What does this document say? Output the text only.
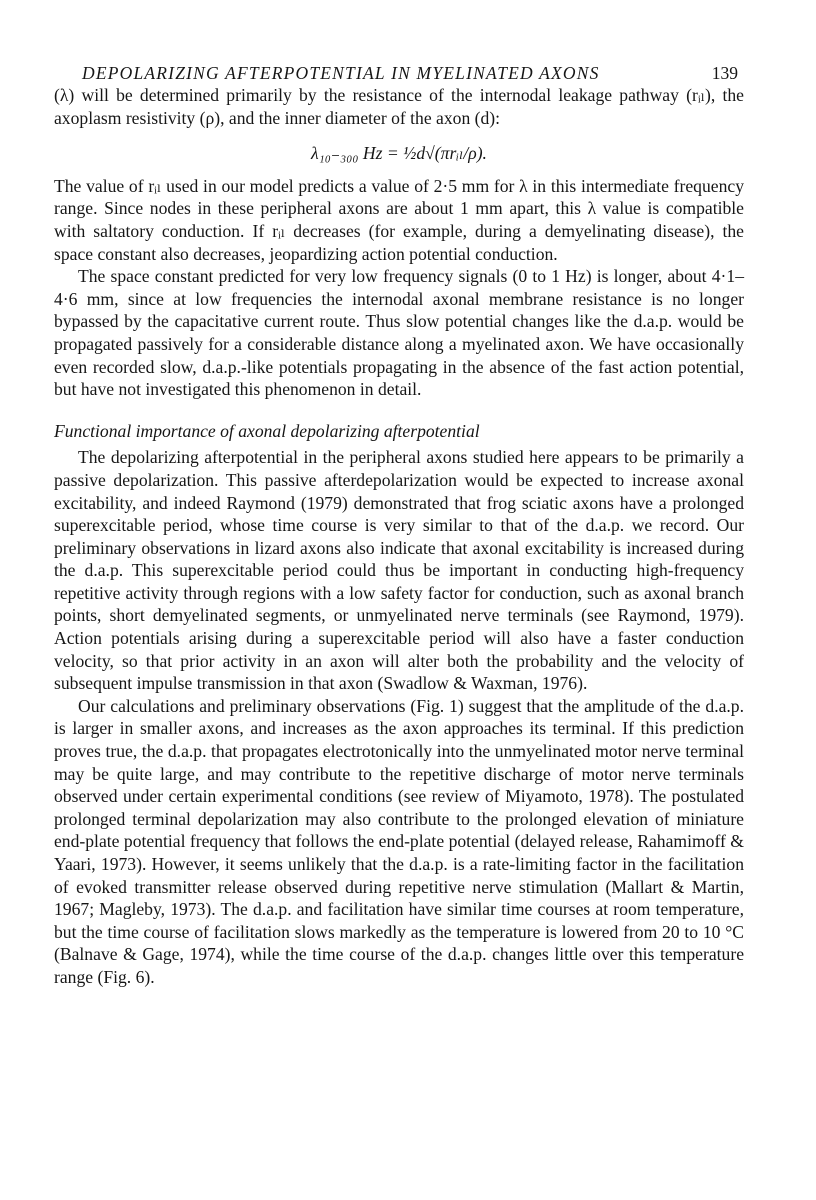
DEPOLARIZING AFTERPOTENTIAL IN MYELINATED AXONS	139

(λ) will be determined primarily by the resistance of the internodal leakage pathway (rᵢₗ), the axoplasm resistivity (ρ), and the inner diameter of the axon (d):

λ₁₀₋₃₀₀ Hz = ½d√(πrᵢₗ/ρ).

The value of rᵢₗ used in our model predicts a value of 2·5 mm for λ in this intermediate frequency range. Since nodes in these peripheral axons are about 1 mm apart, this λ value is compatible with saltatory conduction. If rᵢₗ decreases (for example, during a demyelinating disease), the space constant also decreases, jeopardizing action potential conduction.

The space constant predicted for very low frequency signals (0 to 1 Hz) is longer, about 4·1–4·6 mm, since at low frequencies the internodal axonal membrane resistance is no longer bypassed by the capacitative current route. Thus slow potential changes like the d.a.p. would be propagated passively for a considerable distance along a myelinated axon. We have occasionally even recorded slow, d.a.p.-like potentials propagating in the absence of the fast action potential, but have not investigated this phenomenon in detail.

Functional importance of axonal depolarizing afterpotential

The depolarizing afterpotential in the peripheral axons studied here appears to be primarily a passive depolarization. This passive afterdepolarization would be expected to increase axonal excitability, and indeed Raymond (1979) demonstrated that frog sciatic axons have a prolonged superexcitable period, whose time course is very similar to that of the d.a.p. we record. Our preliminary observations in lizard axons also indicate that axonal excitability is increased during the d.a.p. This superexcitable period could thus be important in conducting high-frequency repetitive activity through regions with a low safety factor for conduction, such as axonal branch points, short demyelinated segments, or unmyelinated nerve terminals (see Raymond, 1979). Action potentials arising during a superexcitable period will also have a faster conduction velocity, so that prior activity in an axon will alter both the probability and the velocity of subsequent impulse transmission in that axon (Swadlow & Waxman, 1976).

Our calculations and preliminary observations (Fig. 1) suggest that the amplitude of the d.a.p. is larger in smaller axons, and increases as the axon approaches its terminal. If this prediction proves true, the d.a.p. that propagates electrotonically into the unmyelinated motor nerve terminal may be quite large, and may contribute to the repetitive discharge of motor nerve terminals observed under certain experimental conditions (see review of Miyamoto, 1978). The postulated prolonged terminal depolarization may also contribute to the prolonged elevation of miniature end-plate potential frequency that follows the end-plate potential (delayed release, Rahamimoff & Yaari, 1973). However, it seems unlikely that the d.a.p. is a rate-limiting factor in the facilitation of evoked transmitter release observed during repetitive nerve stimulation (Mallart & Martin, 1967; Magleby, 1973). The d.a.p. and facilitation have similar time courses at room temperature, but the time course of facilitation slows markedly as the temperature is lowered from 20 to 10 °C (Balnave & Gage, 1974), while the time course of the d.a.p. changes little over this temperature range (Fig. 6).
